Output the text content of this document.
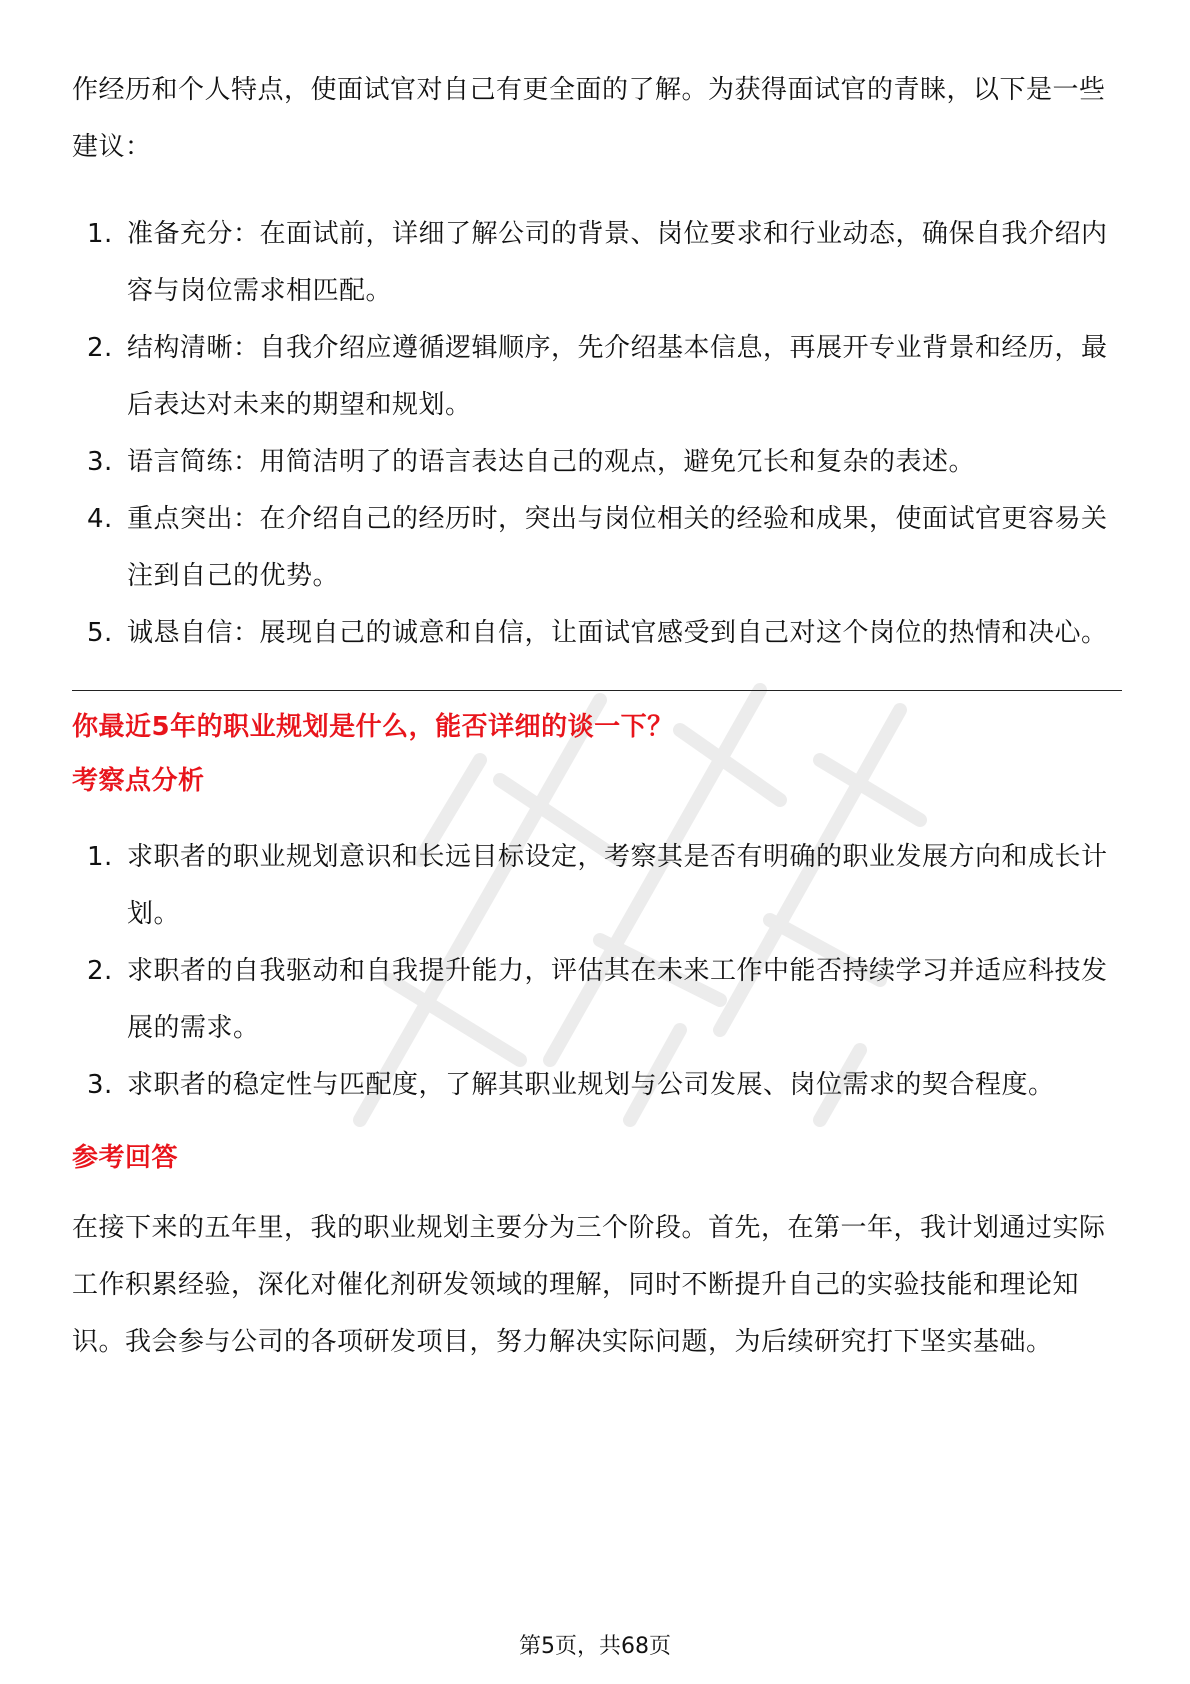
作经历和个人特点，使面试官对自己有更全面的了解。为获得面试官的青睐，以下是一些建议：

1. 准备充分：在面试前，详细了解公司的背景、岗位要求和行业动态，确保自我介绍内容与岗位需求相匹配。
2. 结构清晰：自我介绍应遵循逻辑顺序，先介绍基本信息，再展开专业背景和经历，最后表达对未来的期望和规划。
3. 语言简练：用简洁明了的语言表达自己的观点，避免冗长和复杂的表述。
4. 重点突出：在介绍自己的经历时，突出与岗位相关的经验和成果，使面试官更容易关注到自己的优势。
5. 诚恳自信：展现自己的诚意和自信，让面试官感受到自己对这个岗位的热情和决心。
你最近5年的职业规划是什么，能否详细的谈一下？
考察点分析
1. 求职者的职业规划意识和长远目标设定，考察其是否有明确的职业发展方向和成长计划。
2. 求职者的自我驱动和自我提升能力，评估其在未来工作中能否持续学习并适应科技发展的需求。
3. 求职者的稳定性与匹配度，了解其职业规划与公司发展、岗位需求的契合程度。
参考回答

在接下来的五年里，我的职业规划主要分为三个阶段。首先，在第一年，我计划通过实际工作积累经验，深化对催化剂研发领域的理解，同时不断提升自己的实验技能和理论知识。我会参与公司的各项研发项目，努力解决实际问题，为后续研究打下坚实基础。

第5页，共68页
